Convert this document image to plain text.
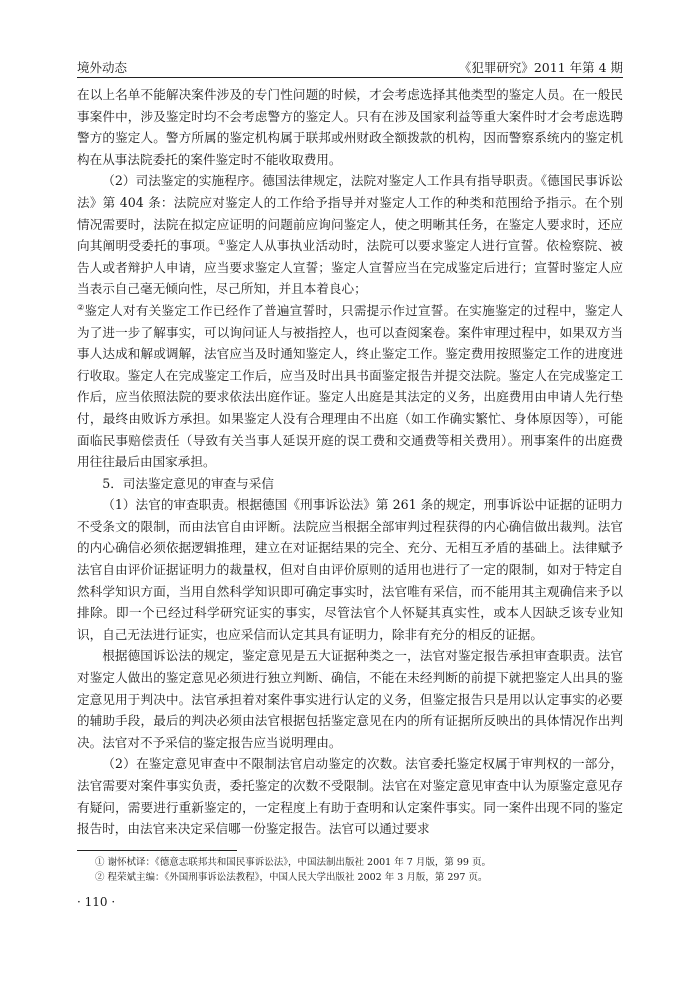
境外动态	《犯罪研究》2011 年第 4 期

在以上名单不能解决案件涉及的专门性问题的时候，才会考虑选择其他类型的鉴定人员。在一般民事案件中，涉及鉴定时均不会考虑警方的鉴定人。只有在涉及国家利益等重大案件时才会考虑选聘警方的鉴定人。警方所属的鉴定机构属于联邦或州财政全额拨款的机构，因而警察系统内的鉴定机构在从事法院委托的案件鉴定时不能收取费用。

（2）司法鉴定的实施程序。德国法律规定，法院对鉴定人工作具有指导职责。《德国民事诉讼法》第 404 条：法院应对鉴定人的工作给予指导并对鉴定人工作的种类和范围给予指示。在个别情况需要时，法院在拟定应证明的问题前应询问鉴定人，使之明晰其任务，在鉴定人要求时，还应向其阐明受委托的事项。①鉴定人从事执业活动时，法院可以要求鉴定人进行宣誓。依检察院、被告人或者辩护人申请，应当要求鉴定人宣誓；鉴定人宣誓应当在完成鉴定后进行；宣誓时鉴定人应当表示自己毫无倾向性，尽己所知，并且本着良心；
②鉴定人对有关鉴定工作已经作了普遍宣誓时，只需提示作过宣誓。在实施鉴定的过程中，鉴定人为了进一步了解事实，可以询问证人与被指控人，也可以查阅案卷。案件审理过程中，如果双方当事人达成和解或调解，法官应当及时通知鉴定人，终止鉴定工作。鉴定费用按照鉴定工作的进度进行收取。鉴定人在完成鉴定工作后，应当及时出具书面鉴定报告并提交法院。鉴定人在完成鉴定工作后，应当依照法院的要求依法出庭作证。鉴定人出庭是其法定的义务，出庭费用由申请人先行垫付，最终由败诉方承担。如果鉴定人没有合理理由不出庭（如工作确实繁忙、身体原因等），可能面临民事赔偿责任（导致有关当事人延误开庭的误工费和交通费等相关费用）。刑事案件的出庭费用往往最后由国家承担。

5．司法鉴定意见的审查与采信

（1）法官的审查职责。根据德国《刑事诉讼法》第 261 条的规定，刑事诉讼中证据的证明力不受条文的限制，而由法官自由评断。法院应当根据全部审判过程获得的内心确信做出裁判。法官的内心确信必须依据逻辑推理，建立在对证据结果的完全、充分、无相互矛盾的基础上。法律赋予法官自由评价证据证明力的裁量权，但对自由评价原则的适用也进行了一定的限制，如对于特定自然科学知识方面，当用自然科学知识即可确定事实时，法官唯有采信，而不能用其主观确信来予以排除。即一个已经过科学研究证实的事实，尽管法官个人怀疑其真实性，或本人因缺乏该专业知识，自己无法进行证实，也应采信而认定其具有证明力，除非有充分的相反的证据。

根据德国诉讼法的规定，鉴定意见是五大证据种类之一，法官对鉴定报告承担审查职责。法官对鉴定人做出的鉴定意见必须进行独立判断、确信，不能在未经判断的前提下就把鉴定人出具的鉴定意见用于判决中。法官承担着对案件事实进行认定的义务，但鉴定报告只是用以认定事实的必要的辅助手段，最后的判决必须由法官根据包括鉴定意见在内的所有证据所反映出的具体情况作出判决。法官对不予采信的鉴定报告应当说明理由。

（2）在鉴定意见审查中不限制法官启动鉴定的次数。法官委托鉴定权属于审判权的一部分，法官需要对案件事实负责，委托鉴定的次数不受限制。法官在对鉴定意见审查中认为原鉴定意见存有疑问，需要进行重新鉴定的，一定程度上有助于查明和认定案件事实。同一案件出现不同的鉴定报告时，由法官来决定采信哪一份鉴定报告。法官可以通过要求

① 谢怀栻译：《德意志联邦共和国民事诉讼法》，中国法制出版社 2001 年 7 月版，第 99 页。
② 程荣斌主编：《外国刑事诉讼法教程》，中国人民大学出版社 2002 年 3 月版，第 297 页。
· 110 ·
